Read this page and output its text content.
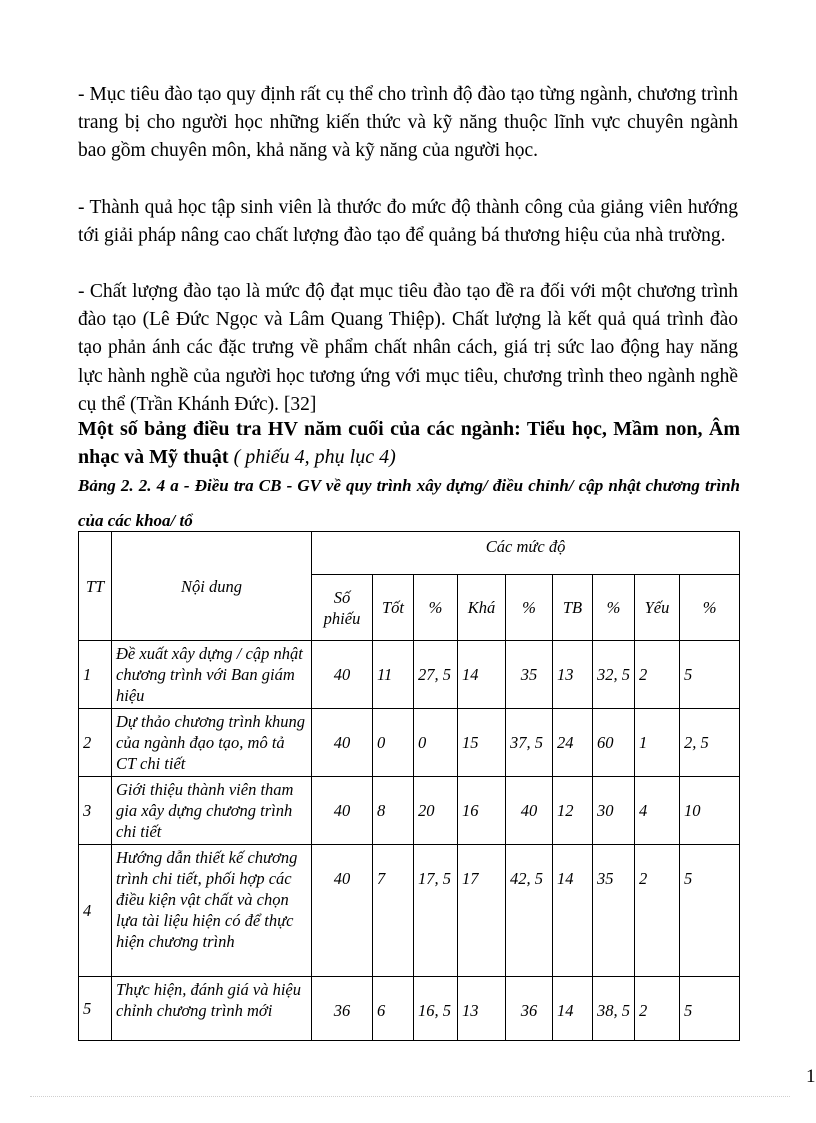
- Mục tiêu đào tạo quy định rất cụ thể cho trình độ đào tạo từng ngành, chương trình trang bị cho người học những kiến thức và kỹ năng thuộc lĩnh vực chuyên ngành bao gồm chuyên môn, khả năng và kỹ năng của người học.

- Thành quả học tập sinh viên là thước đo mức độ thành công của giảng viên hướng tới giải pháp nâng cao chất lượng đào tạo để quảng bá thương hiệu của nhà trường.

- Chất lượng đào tạo là mức độ đạt mục tiêu đào tạo đề ra đối với một chương trình đào tạo (Lê Đức Ngọc và Lâm Quang Thiệp). Chất lượng là kết quả quá trình đào tạo phản ánh các đặc trưng về phẩm chất nhân cách, giá trị sức lao động hay năng lực hành nghề của người học tương ứng với mục tiêu, chương trình theo ngành nghề cụ thể (Trần Khánh Đức). [32]

Một số bảng điều tra HV năm cuối của các ngành: Tiểu học, Mầm non, Âm nhạc và Mỹ thuật ( phiếu 4, phụ lục 4)
Bảng 2. 2. 4 a - Điều tra CB - GV về quy trình xây dựng/ điều chỉnh/ cập nhật chương trình của các khoa/ tổ
TT	Nội dung	Các mức độ								
		Số phiếu	Tốt	%	Khá	%	TB	%	Yếu	%
1	Đề xuất xây dựng / cập nhật chương trình với Ban giám hiệu	40	11	27, 5	14	35	13	32, 5	2	5
2	Dự thảo chương trình khung của ngành đạo tạo, mô tả CT chi tiết	40	0	0	15	37, 5	24	60	1	2, 5
3	Giới thiệu thành viên tham gia xây dựng chương trình chi tiết	40	8	20	16	40	12	30	4	10
4	Hướng dẫn thiết kế chương trình chi tiết, phối hợp các điều kiện vật chất và chọn lựa tài liệu hiện có để thực hiện chương trình	40	7	17, 5	17	42, 5	14	35	2	5
5	Thực hiện, đánh giá và hiệu chỉnh chương trình mới	36	6	16, 5	13	36	14	38, 5	2	5
1
